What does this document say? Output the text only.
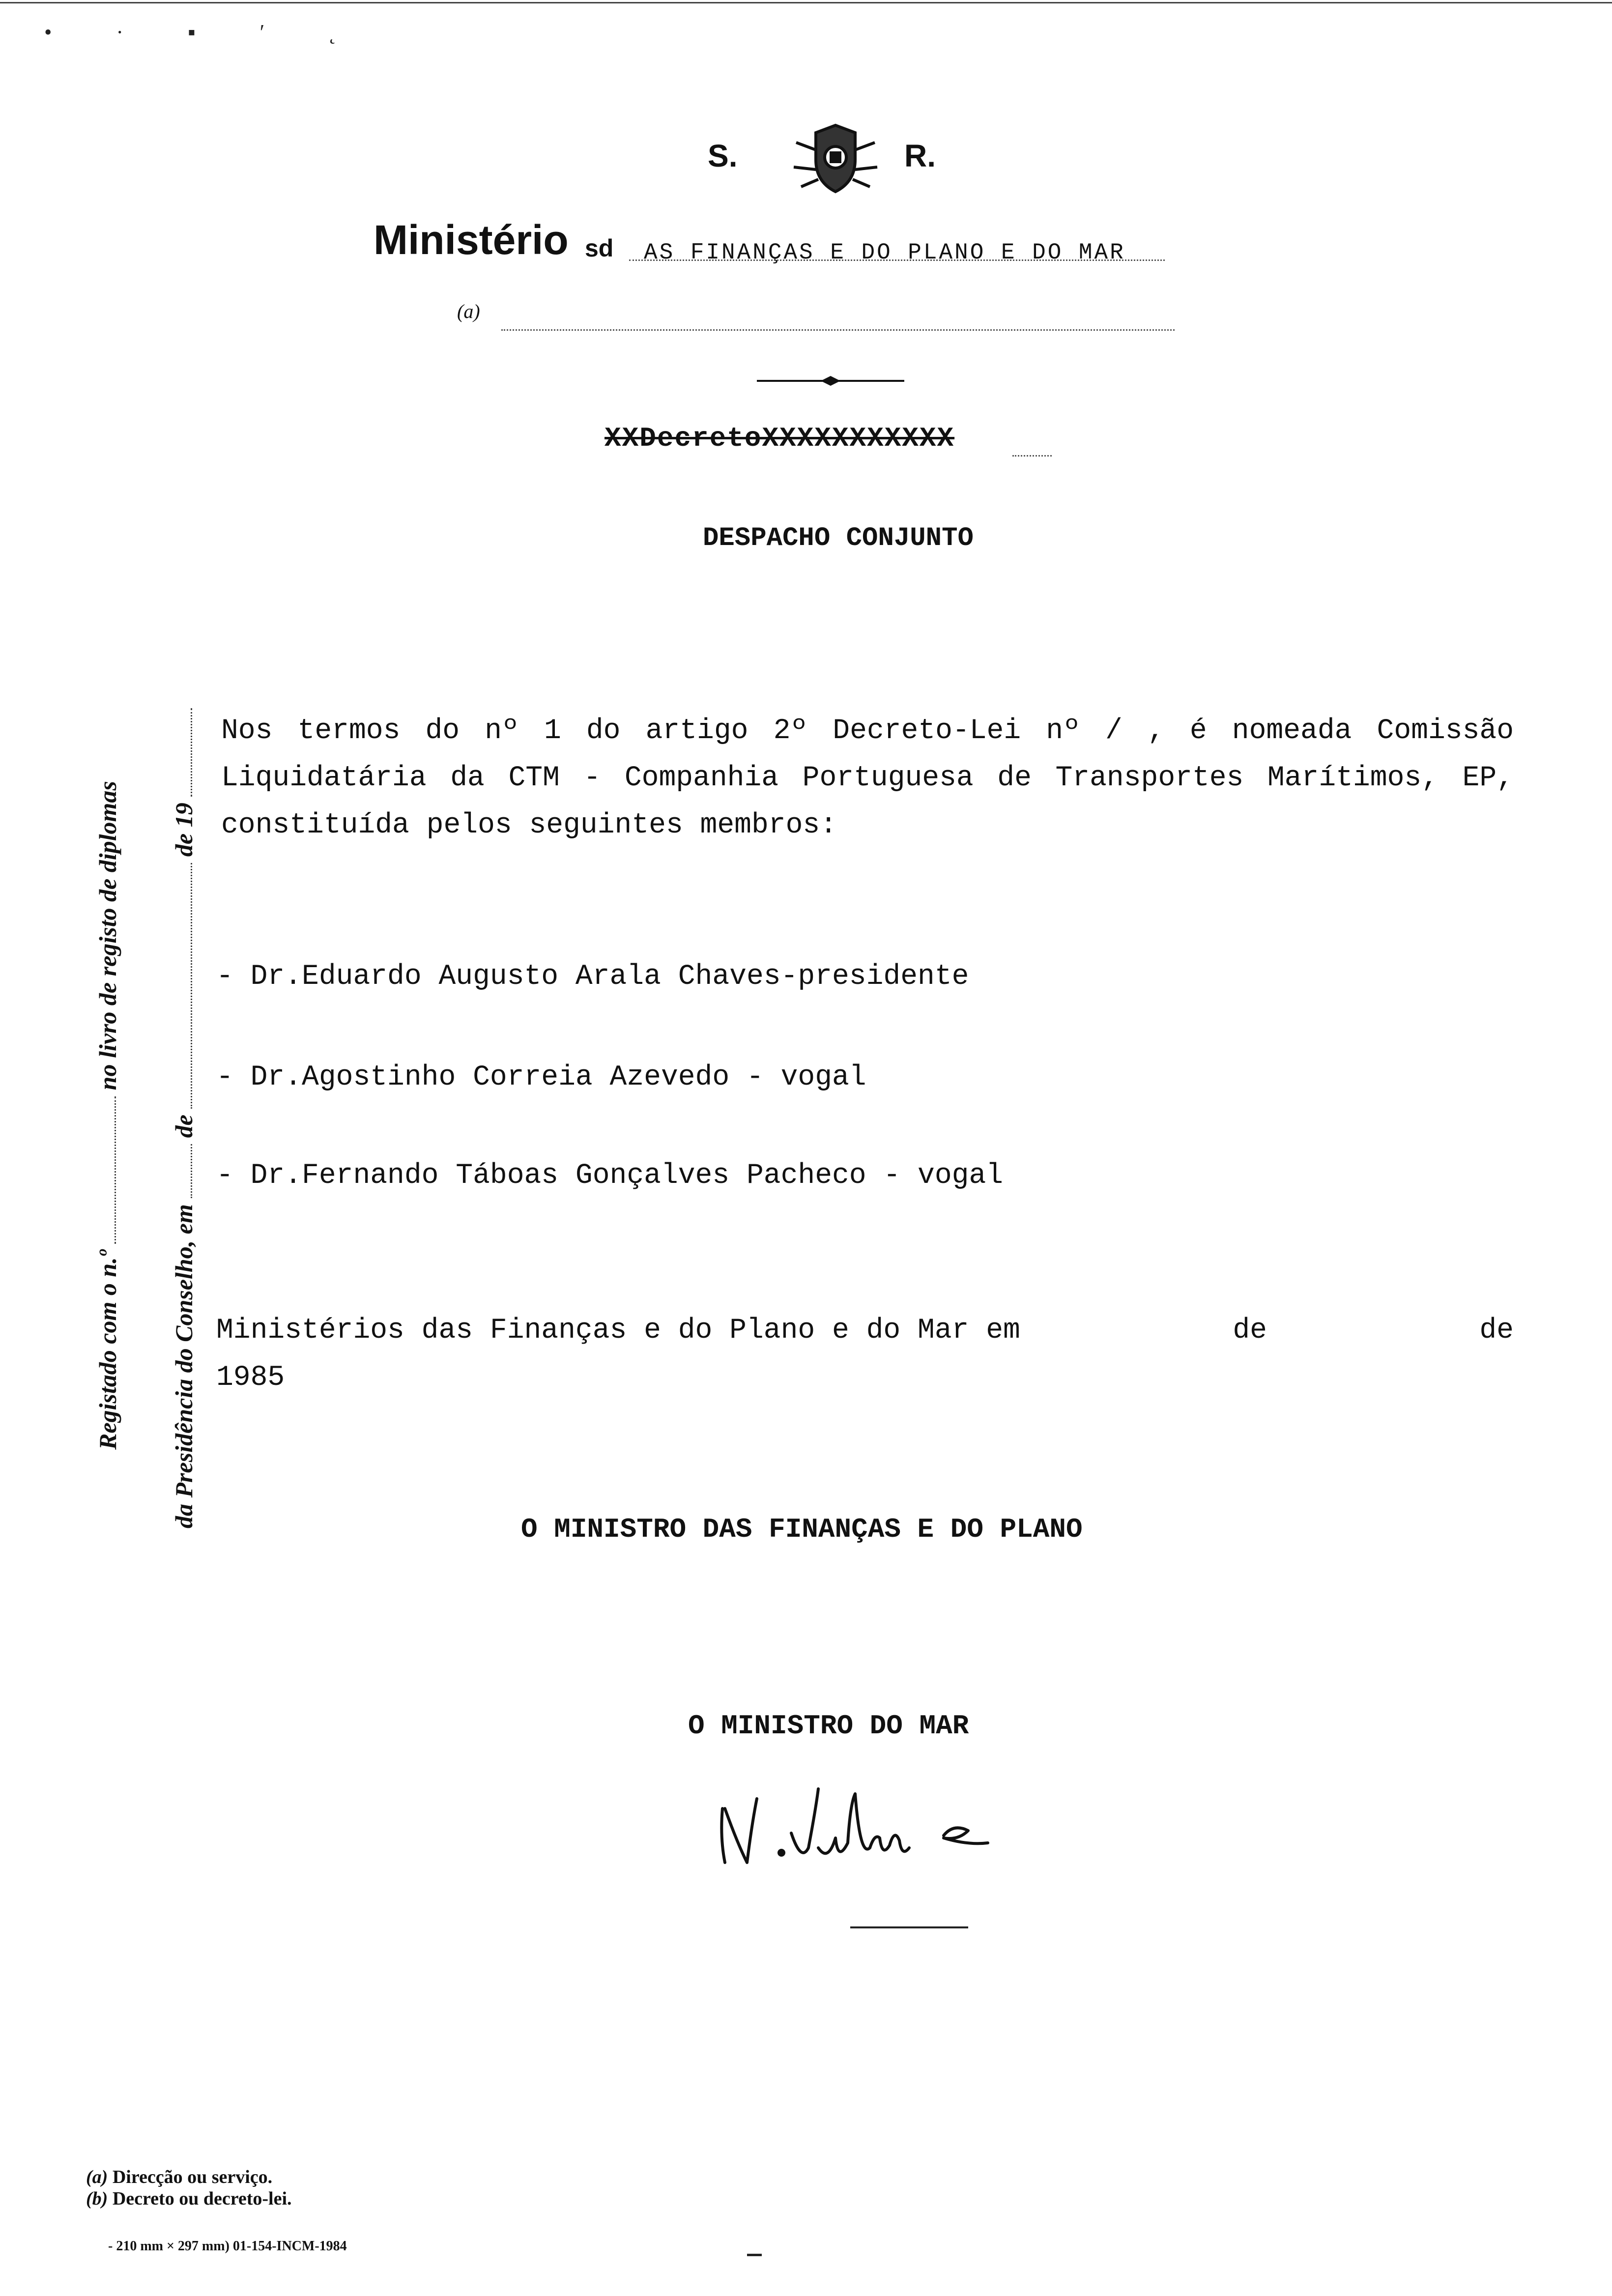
• · ▪ ′ ˛
S.	R.
Ministério sd AS FINANÇAS E DO PLANO E DO MAR
(a)
XXDecretoXXXXXXXXXXX
DESPACHO CONJUNTO
Registado com o n.º  no livro de registo de diplomas
da Presidência do Conselho, em  de  de 19

Nos termos do nº 1 do artigo 2º Decreto-Lei nº / , é nomeada Comissão Liquidatária da CTM - Companhia Portuguesa de Transportes Marítimos, EP, constituída pelos seguintes membros:

- Dr.Eduardo Augusto Arala Chaves-presidente
- Dr.Agostinho Correia Azevedo - vogal
- Dr.Fernando Táboas Gonçalves Pacheco - vogal
Ministérios das Finanças e do Plano e do Mar em	de	de
1985
O MINISTRO DAS FINANÇAS E DO PLANO
O MINISTRO DO MAR
(a) Direcção ou serviço.
(b) Decreto ou decreto-lei.
- 210 mm × 297 mm) 01-154-INCM-1984
